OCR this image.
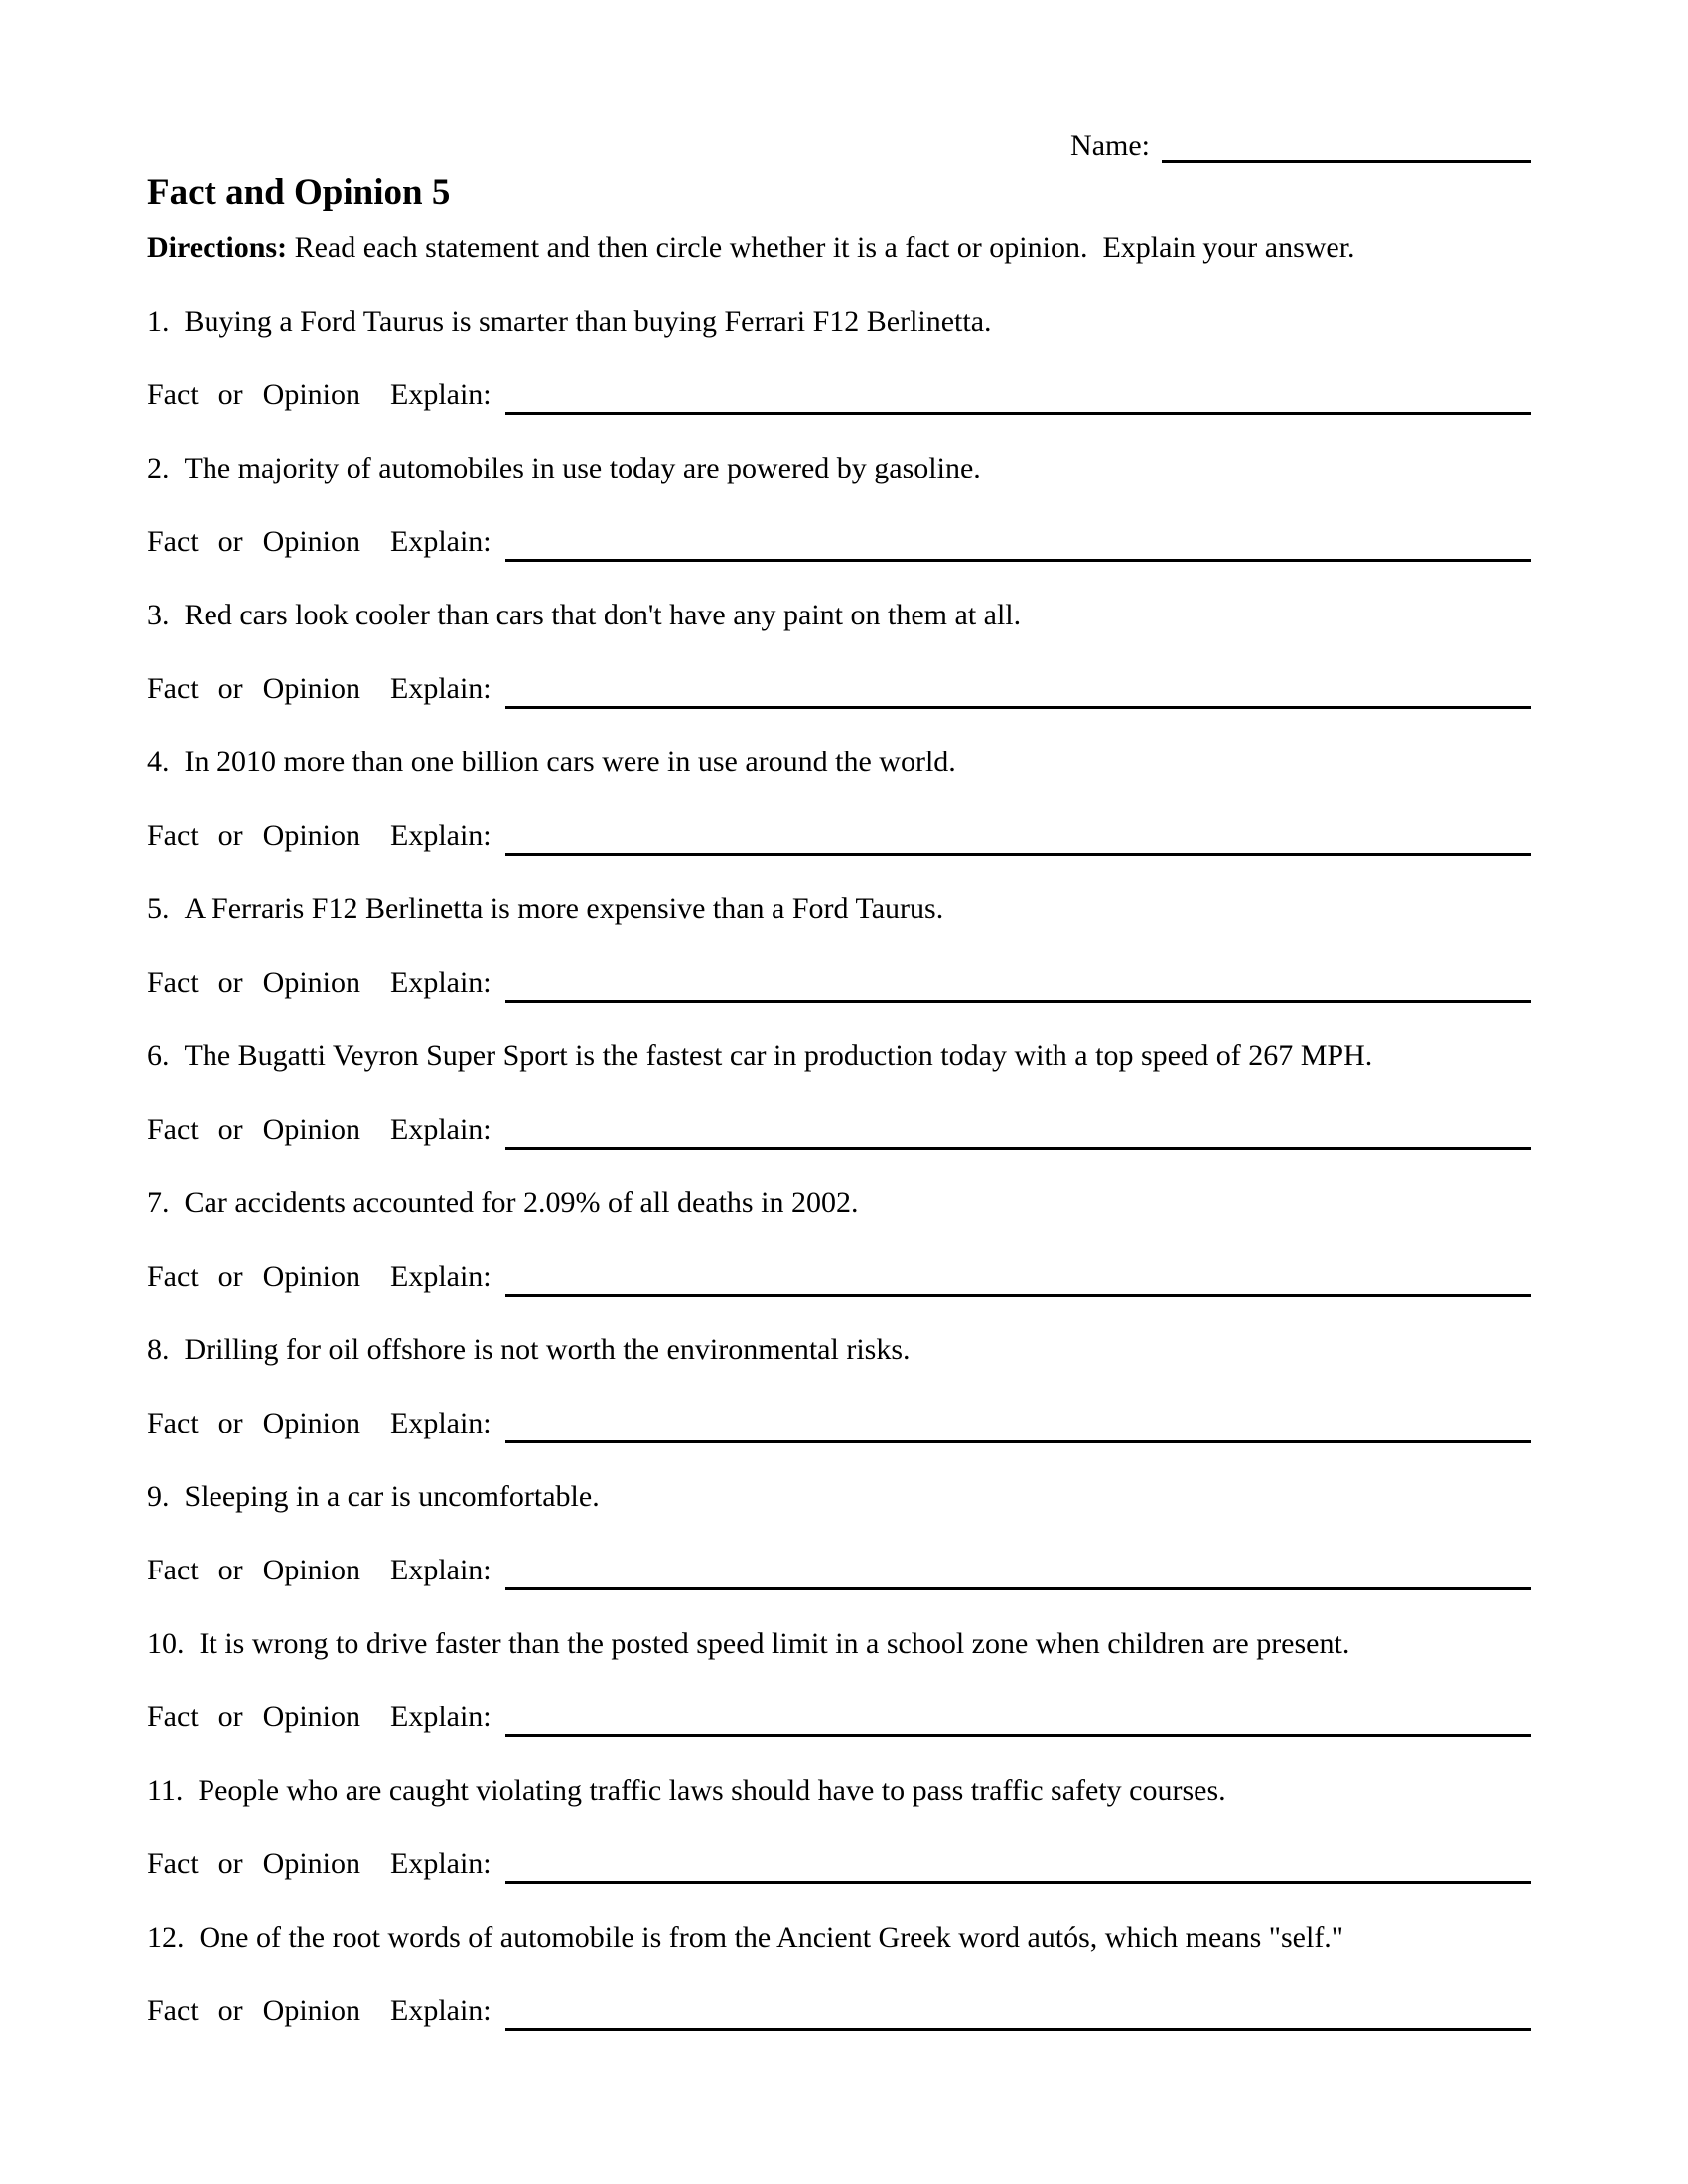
Name:
Fact and Opinion 5

Directions: Read each statement and then circle whether it is a fact or opinion.  Explain your answer.

1. Buying a Ford Taurus is smarter than buying Ferrari F12 Berlinetta.

Fact or Opinion Explain:

2. The majority of automobiles in use today are powered by gasoline.

Fact or Opinion Explain:

3. Red cars look cooler than cars that don't have any paint on them at all.

Fact or Opinion Explain:

4. In 2010 more than one billion cars were in use around the world.

Fact or Opinion Explain:

5. A Ferraris F12 Berlinetta is more expensive than a Ford Taurus.

Fact or Opinion Explain:

6. The Bugatti Veyron Super Sport is the fastest car in production today with a top speed of 267 MPH.

Fact or Opinion Explain:

7. Car accidents accounted for 2.09% of all deaths in 2002.

Fact or Opinion Explain:

8. Drilling for oil offshore is not worth the environmental risks.

Fact or Opinion Explain:

9. Sleeping in a car is uncomfortable.

Fact or Opinion Explain:

10. It is wrong to drive faster than the posted speed limit in a school zone when children are present.

Fact or Opinion Explain:

11. People who are caught violating traffic laws should have to pass traffic safety courses.

Fact or Opinion Explain:

12. One of the root words of automobile is from the Ancient Greek word autós, which means "self."

Fact or Opinion Explain:
